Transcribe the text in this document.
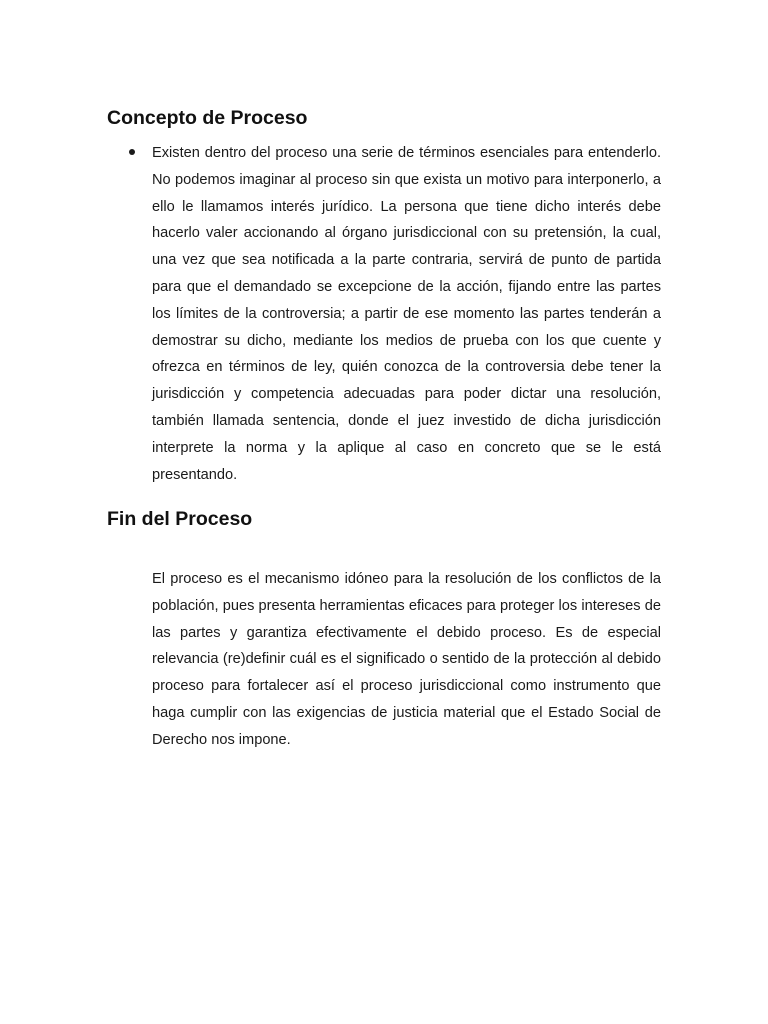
Concepto de Proceso

Existen dentro del proceso una serie de términos esenciales para entenderlo. No podemos imaginar al proceso sin que exista un motivo para interponerlo, a ello le llamamos interés jurídico. La persona que tiene dicho interés debe hacerlo valer accionando al órgano jurisdiccional con su pretensión, la cual, una vez que sea notificada a la parte contraria, servirá de punto de partida para que el demandado se excepcione de la acción, fijando entre las partes los límites de la controversia; a partir de ese momento las partes tenderán a demostrar su dicho, mediante los medios de prueba con los que cuente y ofrezca en términos de ley, quién conozca de la controversia debe tener la jurisdicción y competencia adecuadas para poder dictar una resolución, también llamada sentencia, donde el juez investido de dicha jurisdicción interprete la norma y la aplique al caso en concreto que se le está presentando.

Fin del Proceso

El proceso es el mecanismo idóneo para la resolución de los conflictos de la población, pues presenta herramientas eficaces para proteger los intereses de las partes y garantiza efectivamente el debido proceso. Es de especial relevancia (re)definir cuál es el significado o sentido de la protección al debido proceso para fortalecer así el proceso jurisdiccional como instrumento que haga cumplir con las exigencias de justicia material que el Estado Social de Derecho nos impone.
